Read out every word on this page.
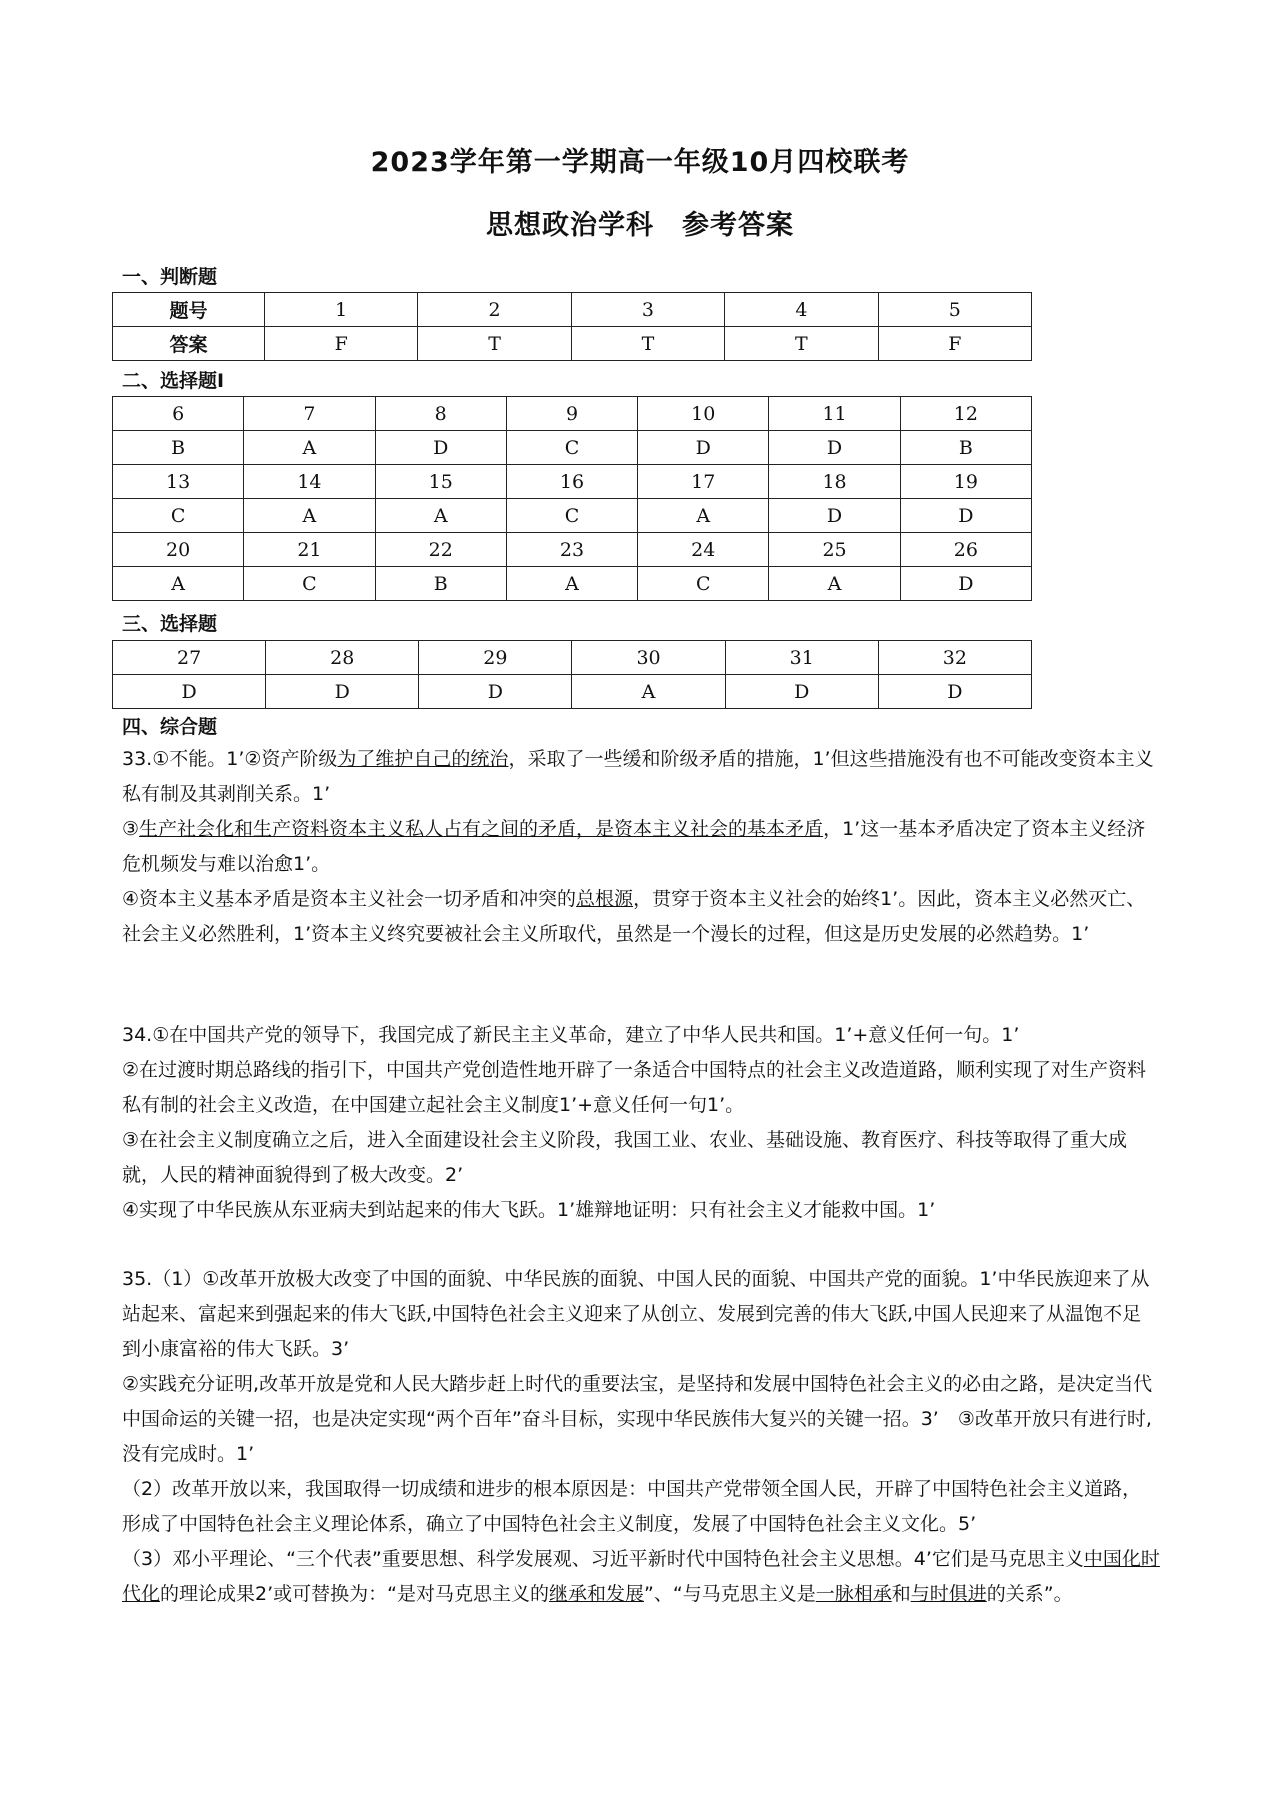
2023学年第一学期高一年级10月四校联考
思想政治学科　参考答案
一、判断题
题号	1	2	3	4	5
答案	F	T	T	T	F
二、选择题Ⅰ
6	7	8	9	10	11	12
B	A	D	C	D	D	B
13	14	15	16	17	18	19
C	A	A	C	A	D	D
20	21	22	23	24	25	26
A	C	B	A	C	A	D
三、选择题
27	28	29	30	31	32
D	D	D	A	D	D
四、综合题

33.①不能。1’②资产阶级为了维护自己的统治，采取了一些缓和阶级矛盾的措施，1’但这些措施没有也不可能改变资本主义私有制及其剥削关系。1’

③生产社会化和生产资料资本主义私人占有之间的矛盾，是资本主义社会的基本矛盾，1’这一基本矛盾决定了资本主义经济危机频发与难以治愈1’。

④资本主义基本矛盾是资本主义社会一切矛盾和冲突的总根源，贯穿于资本主义社会的始终1’。因此，资本主义必然灭亡、社会主义必然胜利，1’资本主义终究要被社会主义所取代，虽然是一个漫长的过程，但这是历史发展的必然趋势。1’

34.①在中国共产党的领导下，我国完成了新民主主义革命，建立了中华人民共和国。1’+意义任何一句。1’

②在过渡时期总路线的指引下，中国共产党创造性地开辟了一条适合中国特点的社会主义改造道路，顺利实现了对生产资料私有制的社会主义改造，在中国建立起社会主义制度1’+意义任何一句1’。

③在社会主义制度确立之后，进入全面建设社会主义阶段，我国工业、农业、基础设施、教育医疗、科技等取得了重大成就，人民的精神面貌得到了极大改变。2’

④实现了中华民族从东亚病夫到站起来的伟大飞跃。1’雄辩地证明：只有社会主义才能救中国。1’

35.（1）①改革开放极大改变了中国的面貌、中华民族的面貌、中国人民的面貌、中国共产党的面貌。1’中华民族迎来了从站起来、富起来到强起来的伟大飞跃,中国特色社会主义迎来了从创立、发展到完善的伟大飞跃,中国人民迎来了从温饱不足到小康富裕的伟大飞跃。3’

②实践充分证明,改革开放是党和人民大踏步赶上时代的重要法宝，是坚持和发展中国特色社会主义的必由之路，是决定当代中国命运的关键一招，也是决定实现“两个百年”奋斗目标，实现中华民族伟大复兴的关键一招。3’　③改革开放只有进行时,没有完成时。1’

（2）改革开放以来，我国取得一切成绩和进步的根本原因是：中国共产党带领全国人民，开辟了中国特色社会主义道路，形成了中国特色社会主义理论体系，确立了中国特色社会主义制度，发展了中国特色社会主义文化。5’

（3）邓小平理论、“三个代表”重要思想、科学发展观、习近平新时代中国特色社会主义思想。4’它们是马克思主义中国化时代化的理论成果2’或可替换为：“是对马克思主义的继承和发展”、“与马克思主义是一脉相承和与时俱进的关系”。
